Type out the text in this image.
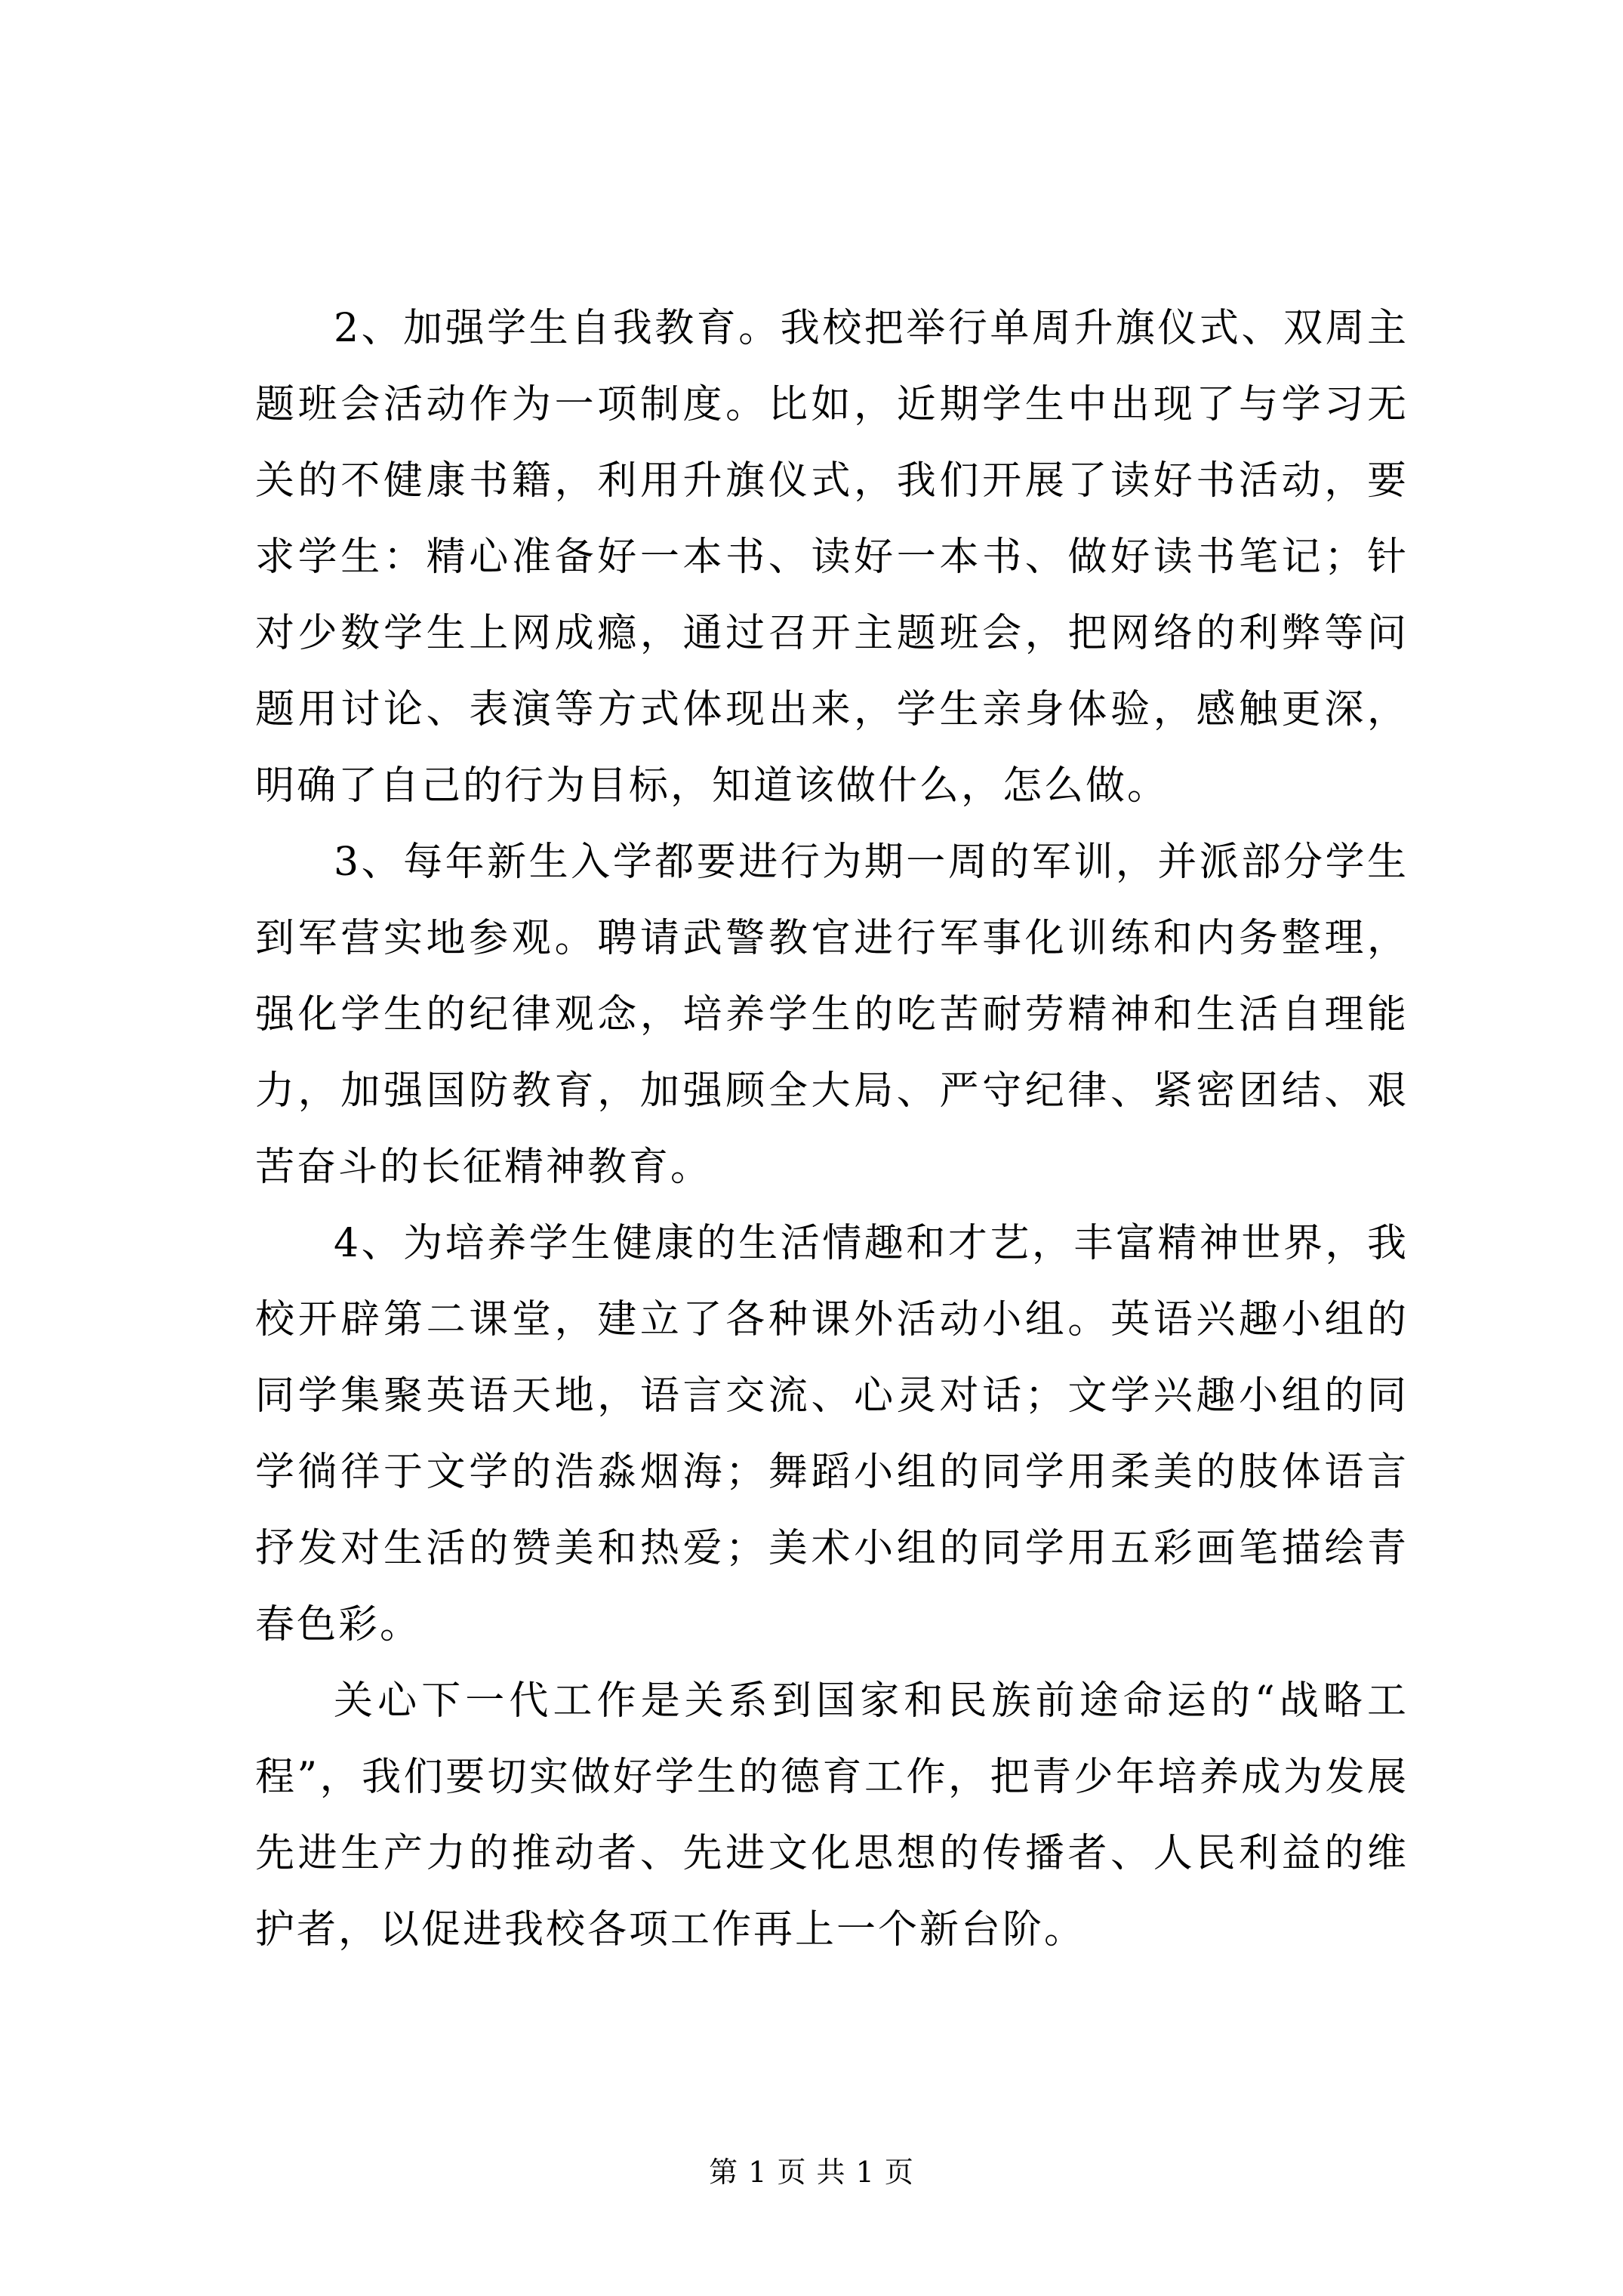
2、加强学生自我教育。我校把举行单周升旗仪式、双周主题班会活动作为一项制度。比如，近期学生中出现了与学习无关的不健康书籍，利用升旗仪式，我们开展了读好书活动，要求学生：精心准备好一本书、读好一本书、做好读书笔记；针对少数学生上网成瘾，通过召开主题班会，把网络的利弊等问题用讨论、表演等方式体现出来，学生亲身体验，感触更深，明确了自己的行为目标，知道该做什么，怎么做。

3、每年新生入学都要进行为期一周的军训，并派部分学生到军营实地参观。聘请武警教官进行军事化训练和内务整理，强化学生的纪律观念，培养学生的吃苦耐劳精神和生活自理能力，加强国防教育，加强顾全大局、严守纪律、紧密团结、艰苦奋斗的长征精神教育。

4、为培养学生健康的生活情趣和才艺，丰富精神世界，我校开辟第二课堂，建立了各种课外活动小组。英语兴趣小组的同学集聚英语天地，语言交流、心灵对话；文学兴趣小组的同学徜徉于文学的浩淼烟海；舞蹈小组的同学用柔美的肢体语言抒发对生活的赞美和热爱；美术小组的同学用五彩画笔描绘青春色彩。

关心下一代工作是关系到国家和民族前途命运的“战略工程”，我们要切实做好学生的德育工作，把青少年培养成为发展先进生产力的推动者、先进文化思想的传播者、人民利益的维护者，以促进我校各项工作再上一个新台阶。

第 1 页 共 1 页
